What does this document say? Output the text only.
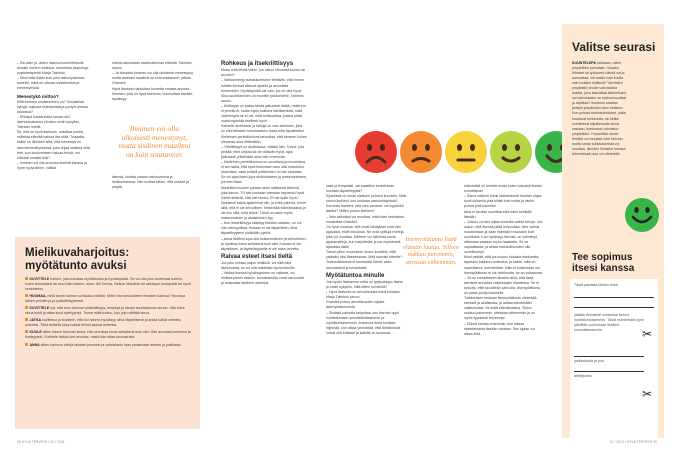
– Esi-isien ja -äitien haamut kummittelevat ainakin mielen nurkissa, naurahtaa psykologi-psykoterapeutti Marja Taimisto.

– Moni elää ikään kuin joku salkuopiskelua sanelisi, mikä on oikeaa onnistumista ja menestymistä.

Menestykö mittoo?

Mitä ihmisen onnistumisen on? Sosiaalisia kykyjä, sujuvaa esiintymistä ja pystyä omissa taidoissa?

– Ehkäpä kuvaannalla sanaa olisi itsehuomatumus eli asko omiin kykyihin, Taimisto miettii.

Se, että on hyvä itsetunto, uskaltaa pohtia, millaista elämää haluaa itse elää. Toisaalta, kaikki on lähtöisin siitä, että menestys on asennemerkityksessä, joka ohjaa kaikkea mitä teet, kun kuulumiseen haluaa tehdä, vai oikeasti omaksi ikisi?

– Ihminen voi olla suvussa itsensä kanssa ja hyvin tyytyväinen, vaikka

elämä oikeastaan vaatimattoman elämää, Taimisto sanoo.

– Ja toisaalta ihminen voi olla ulkoisesti menestynyt, mutta sisäinen maailma on kuin sotatanner, jatkaa Grandell.

Hyvä itsetunto tarkoittaa tunnetta omasta arvosta. Ihminen, jolla on hyvä itsetunto, kunnioittaa itseään, hyväksyy

Ihminen voi olla ulkoisesti menestynyt, mutta sisäinen maailma on kuin sotatanner.

itsensä, luottaa omaan vahvuutensa ja heikkouteensa. Hän luottaa siihen, että selviää ja pärjää.

Mielikuvaharjoitus: myötätunto avuksi

KUVITTELE hahmo, joka edustaa myötätuntoa ja hyväksyntää. Se voi olla joku tuntemasi hahmo, kuten sukulaisesi tai muu tuttu hahmo, esim. Äiti Teresa, Nelson Mandela tai vaikkapa Joulupukki tai hyvä henkiolento.

HUOMAA, millä tavoin hahmo suhtautuu muihin. Miten hän keskustelee ihmisten kanssa? Huomaa hänen ymmärrys ja ystävällisyytensä.

KUVITTELE nyt, että tuon hahmon ystävällisyys, lempeys ja lämpö suuntautuvat sinuun. Hän tulee sinua kohti ja ottaa sinut syleilyynsä. Tunne miltä tuntuu, kun joku välittää sinua.

JATKA kuvittelua ja kuvittele, että tuo hahmo hyväksyy sinut täydellisesti ja antaa kaikki virheesi anteeksi. Tällä hetkellä sinun kaikki tekosi saavat anteeksi.

KUULE sitten hänen tehovan sinua. Hän arvostaa sinua sellaisena kuin olet. Hän arvostaa luonteesi ja ihmisyytesi. Kuvittele lisäksi olet arvokas, mistä hän ottaa tunnustusta.

ANNA sitten hahmon siirtyä takaisin jonnekin ja valmistautu taas palaamaan arkeen ja paikkaasi.

Rohkeus ja itsekriittisyys

Mutta mitä tehdä silloin, jos uskoo olevansa huono tai arvoton?

– Vartuunenegi suhtautumiseen tehtäviin, että ennen mitään ihmiset alkavat ajatella ja arvostella tuntuminen. Hyväksyntää sai vain, jos oli ollut hyvä. Siksi suorittaminen on monelle pakkomielle, Taimisto sanoo.

– Kriittisyys on pakko tehdä jatkuvasti tietää, mutta jos ei ymmärrä, mutta myös kaikkea häiritsemistä, mikä väärinmyös se ei ole, mitä heikkouttaa, joskus pitää osata myöntää itselleen hyvä.

Kaikkein ahdistavin ja kärsijä on vain sellainen, joka on ollut tällaisen kolmiosaisen tuska tulla täydellisiksi.

Kielteinen perfektionismi tarkoittaa, että ihminen kokee olevansa aina riittämätön.

– Ylikriittisyys on ahdistavaa, väittää hän. Tunne, jota pelkää, ettei kelpaa tai ole riittävän hyvä, ajaa jatkuvasti yrittämään aina vain enemmän.

– Kielteinen perfektionismi on uuvuttava ja musertava, ei sen takia, että hyvä tekemisen taso olisi mahdoton saavuttaa, vaan pelkkä yrittäminen on niin raskasta. Se voi ajaa itsesi jopa ahdistukseen ja masennukseen, jos teet liikaa.

Itsekritiikin kuulee painaa usein sisäisenä äänenä, joka sanoo: "Et tule koskaan olemaan tarpeeksi hyvä. Kaikki tietävät, että olet huono. Et ole kyllin hyvä."

Ilmeisesti kaikki ajattelevat niin, ja mikä pahinta, tunne siitä, että ei ole kelvollinen, heikentää elämänlaatua ja vie ilon siitä, mitä tekee. Tämä on usein myös masennuksen ja ahdistuksen syy.

– Kun itsekriittisyys kääntyy itseään vastaan, se voi olla vahingollista. Kukaan ei ole täydellinen, eikä täydellisyyteen pidäkään pyrkiä.

– Anna itsellesi lupa olla keskeneräinen ja virheellinen, ja hyväksy itsesi sellaisena kuin olet. Kukaan ei ole täydellinen, ja täydellisyydelle ei ole edes tarvetta.

Raivaa esteet itsesi tieltä

Jos joku kohtaa paljon kritiikkiä, voi siitä tulla itsetuhoista, se voi olla haitallista hyvinvoinnille.

– Vaikka itsensä hyväksyminen on vaikeaa, voi aloittaa pienin askelin, tunnistamalla omat vahvuudet ja antamalla itselleen anteeksi.

vasti ja lempeästi, vai vaadittko korkeintaan suoraan täydellisyyttä?

Kyseessä on oman sisäisen puheen kuuntelu. Mitä sanon itselleni, kun kohtaan vastoinkäymisiä? Kerronko itselleni, että olen arvokas, vai syytänkö itseäni? Mitten puhun itselleni?

– Vain selkeästi voi muuttaa, mitä tulee tietoiseksi, muistuttaa Grandell.

On hyvä muistaa, että omat käsitykset ovat vain ajatuksia, eivät totuuksia. Ne ovat opittuja malleja, joita voi muuttaa. Mieleen voi tallentaa uusia ajatusmalleja, kun harjoittelee ja tuo myönteisiä ajatuksia tilalle.

Tässä piilee muutoksen avain: kuvittele, että ystäväsi olisi tilanteessasi. Mitä sanoisit hänelle? Todennäköisesti et lannistaisi häntä, vaan kannustaisit ja lohduttaisit.

Myötätuntoa minulle

Jos hyvän itsetunnon mitta on tyytyväisyys itseen ja omiin kykyihin, mitä sitten voi tehdä?

– Hyvä itsetunto on armollisuutta itseä kohtaan, Marja Taimisto sanoo.

Grandell puhuu armollisuuden sijasta itsemyötätunnosta.

– Sisäistä painetta helpottaa, kun itsensä oppii suhtautumaan ymmärtäväisemmin ja myötätuntoisemmin. Ankaruus itseä kohtaan hiljentää, kun alkaa ymmärtää, että lähtökohdat voivat olla erilaiset ja kaikilla on kuormaa.

Itsemyötätunto lisää elämän laatua. Silloin nukkuu paremmin, stressaa vähemmän.

säännöstä eli kohtele muita kuten haluaisit itseäsi kohdeltavan.

– Sama säännö toimii käänteisenä! Itseään ohjaa hyvä kohdella yhtä kiltisti kuin muita ja itselle puhua yhtä kauniisti.

Aina ei tarvitse suorittaa eikä edes kehittää itseään.

– Joskus voi sen sijaan kokeilla vaikka tekoja. Jos uskon, että itsensä pitää kelpuuttaa, olen valmis muuttumaan ja saan elämääni muutakin kuin suoritusta. Kun hyväksyy itsensä, on valmiimpi ottamaan vastaan myös haasteita. Se on vapauttavaa, ja antaa mahdollisuuden olla onnellisempi.

Moni pelkää, että jos luopuu tiukasta itsekurista, tapahtuu kauhea romahdus, ja kaikki, mitä on saavuttanut, menetetään. Näin ei kuitenkaan ole. Itsemyötätunto ei ole heikkoutta, se on voimavara.

– Se on toteaakseen ainakin siinä, että itseä tarvitsee arvostaa vaikeissakin tilanteissa. Se ei tarkoita, ettei tavoitteita saisi olla. Itsemyötätunto on paras pohja tulokselle.

Tutkimusten mukaan itsemyötätunto vähentää stressiä ja ahdistusta, ja auttaa selviämään vaikeuksista. Se lisää elämänlaatua. Silloin nukkuu paremmin, stressaa vähemmän ja on myös fyysisesti terveempi.

– Elämä kantaa enemmän, kun lakkaa taistelemasta itseään vastaan. Sen sijaan voi alkaa elää.

Valitse seurasi

KUUNTELEPA tarkkaan, miten ympärilläsi puhutaan. Osaako läheiset tai työtoverit nähdä vai ja kannustaa, vai saako vain kuulla vain muiden kritiikkiä? Vai etsikö ympäristö sinulle vahvistavia asioita, joka kasvattaa itsetuntoasi, vai vahvistaako se epävarmuuttasi ja rajoittaa? Itsetunto saattaa petttyä ympäristön taon heittoon. Kun poistat tahdostoistiolset, jotka kuvaavat heikkoutta, tai ketkä koettelevat kilpailemalla sinua vastaan, itsetuntosi vahvistuu ympärilläsi. Ympärilläsi olevia ihmisiä voi muuttaa vain harvoin, mutta omaa suhtautumista voi muuttaa. Ilkeiden ihmisten kanssa tekemisissä oloa voi vähentää.

Tee sopimus itsesi kanssa
Tästä päivästä lähtien minä
päätän tietoisesti suhtautua itseeni myötätuntoisemmin. Tästä esimerkistä pyrin päivittäin puhumaan itselleni kunnioittavammin.	✂
paikkakunta ja pvä
allekirjoitus
✂
28 HYVÄ TERVEYS / 10 / 2018	10 / 2018 / HYVÄ TERVEYS 29
